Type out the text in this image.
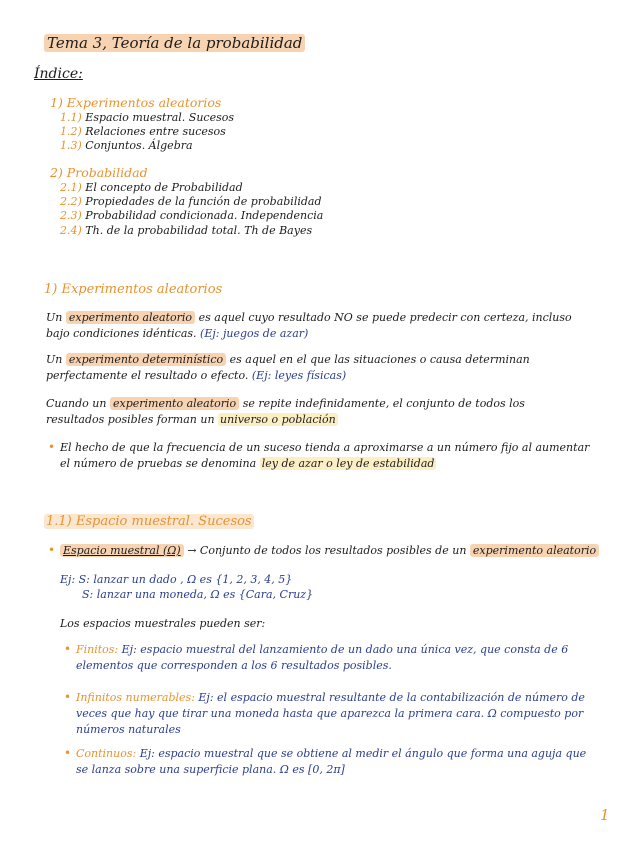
Tema 3, Teoría de la probabilidad
Índice:
1) Experimentos aleatorios
1.1) Espacio muestral. Sucesos
1.2) Relaciones entre sucesos
1.3) Conjuntos. Álgebra
2) Probabilidad
2.1) El concepto de Probabilidad
2.2) Propiedades de la función de probabilidad
2.3) Probabilidad condicionada. Independencia
2.4) Th. de la probabilidad total. Th de Bayes
1) Experimentos aleatorios
Un experimento aleatorio es aquel cuyo resultado NO se puede predecir con certeza, incluso bajo condiciones idénticas. (Ej: juegos de azar)
Un experimento determinístico es aquel en el que las situaciones o causa determinan perfectamente el resultado o efecto. (Ej: leyes físicas)
Cuando un experimento aleatorio se repite indefinidamente, el conjunto de todos los resultados posibles forman un universo o población
• El hecho de que la frecuencia de un suceso tienda a aproximarse a un número fijo al aumentar el número de pruebas se denomina ley de azar o ley de estabilidad
1.1) Espacio muestral. Sucesos
• Espacio muestral (Ω) → Conjunto de todos los resultados posibles de un experimento aleatorio
Ej: S: lanzar un dado , Ω es {1, 2, 3, 4, 5}
S: lanzar una moneda, Ω es {Cara, Cruz}
Los espacios muestrales pueden ser:
• Finitos: Ej: espacio muestral del lanzamiento de un dado una única vez, que consta de 6 elementos que corresponden a los 6 resultados posibles.
• Infinitos numerables: Ej: el espacio muestral resultante de la contabilización de número de veces que hay que tirar una moneda hasta que aparezca la primera cara. Ω compuesto por números naturales
• Continuos: Ej: espacio muestral que se obtiene al medir el ángulo que forma una aguja que se lanza sobre una superficie plana. Ω es [0, 2π]
1
